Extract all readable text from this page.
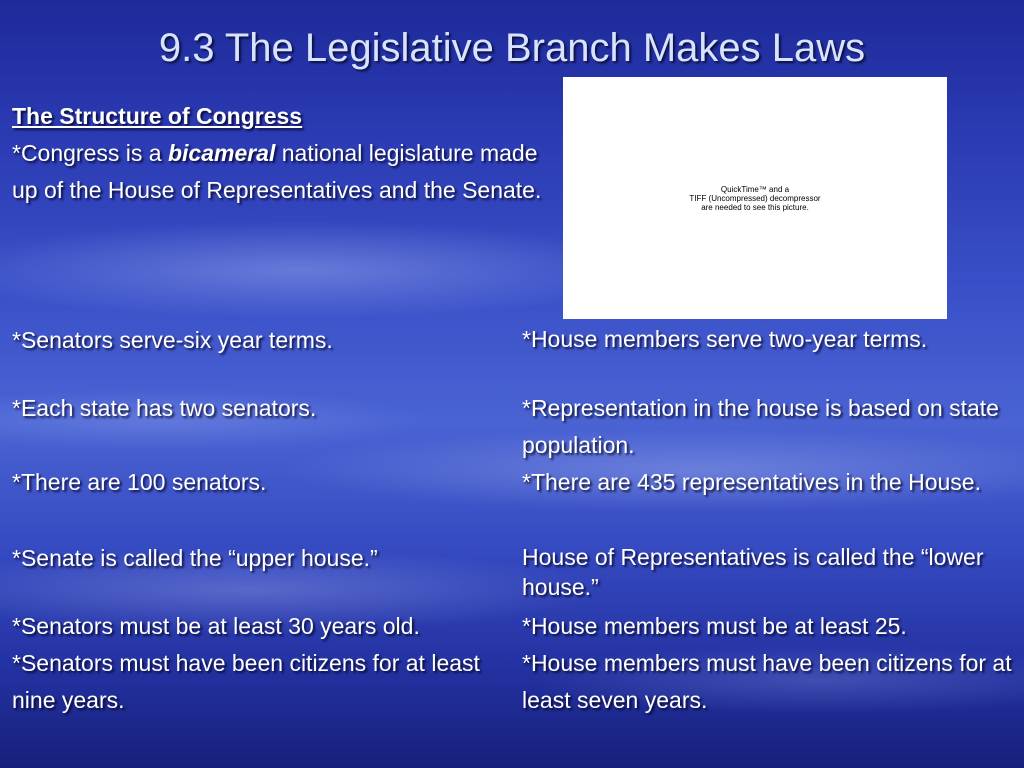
9.3 The Legislative Branch Makes Laws
The Structure of Congress
*Congress is a bicameral national legislature made up of the House of Representatives and the Senate.	QuickTime™ and a
TIFF (Uncompressed) decompressor
are needed to see this picture.
*Senators serve-six year terms.
*Each state has two senators.
*There are 100 senators.
*Senate is called the “upper house.”
*Senators must be at least 30 years old.
*Senators must have been citizens for at least nine years.
*House members serve two-year terms.
*Representation in the house is based on state population.
*There are 435 representatives in the House.
House of Representatives is called the “lower house.”
*House members must be at least 25.
*House members must have been citizens for at least seven years.
